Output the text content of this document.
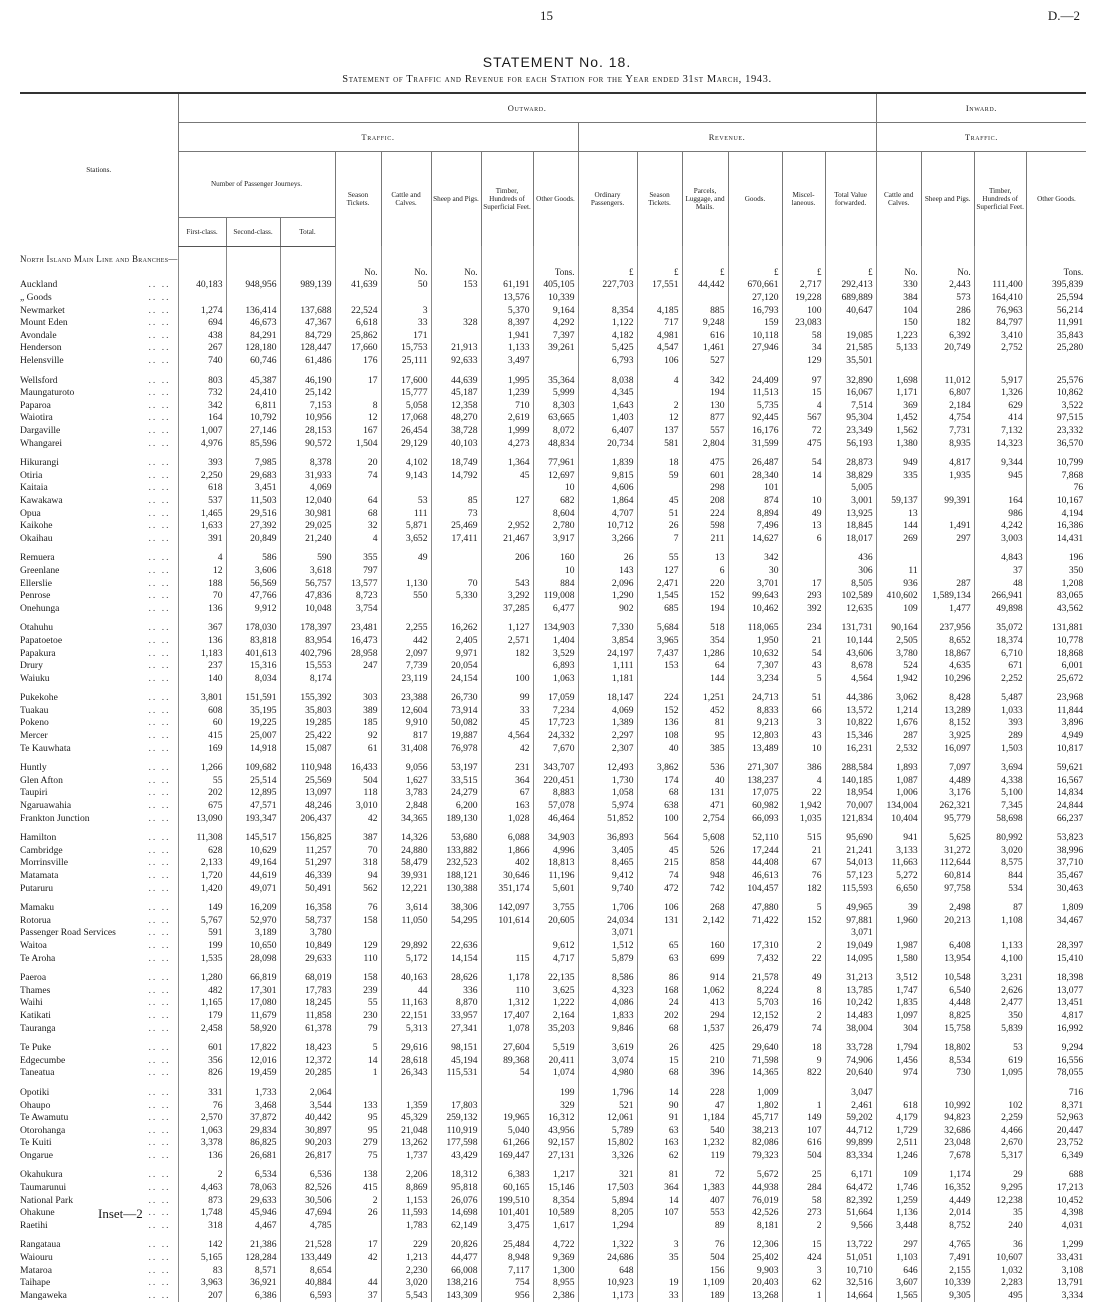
15	D.—2
STATEMENT No. 18.
Statement of Traffic and Revenue for each Station for the Year ended 31st March, 1943.
Stations.	Outward.														Inward.			
	Traffic.								Revenue.						Traffic.			
	Number of Passenger Journeys.			Season Tickets.	Cattle and Calves.	Sheep and Pigs.	Timber, Hundreds of Superficial Feet.	Other Goods.	Ordinary Passengers.	Season Tickets.	Parcels, Luggage, and Mails.	Goods.	Miscel-laneous.	Total Value forwarded.	Cattle and Calves.	Sheep and Pigs.	Timber, Hundreds of Superficial Feet.	Other Goods.
	First-class.	Second-class.	Total.															

North Island Main Line and Branches—																		
				No.	No.	No.		Tons.	£	£	£	£	£	£	No.	No.		Tons.
Auckland .. ..	40,183	948,956	989,139	41,639	50	153	61,191	405,105	227,703	17,551	44,442	670,661	2,717	292,413	330	2,443	111,400	395,839
„ Goods .. ..							13,576	10,339				27,120	19,228	689,889	384	573	164,410	25,594
Newmarket .. ..	1,274	136,414	137,688	22,524	3		5,370	9,164	8,354	4,185	885	16,793	100	40,647	104	286	76,963	56,214
Mount Eden .. ..	694	46,673	47,367	6,618	33	328	8,397	4,292	1,122	717	9,248	159	23,083		150	182	84,797	11,991
Avondale .. ..	438	84,291	84,729	25,862	171		1,941	7,397	4,182	4,981	616	10,118	58	19,085	1,223	6,392	3,410	35,843
Henderson .. ..	267	128,180	128,447	17,660	15,753	21,913	1,133	39,261	5,425	4,547	1,461	27,946	34	21,585	5,133	20,749	2,752	25,280
Helensville .. ..	740	60,746	61,486	176	25,111	92,633	3,497		6,793	106	527		129	35,501				

Wellsford .. ..	803	45,387	46,190	17	17,600	44,639	1,995	35,364	8,038	4	342	24,409	97	32,890	1,698	11,012	5,917	25,576
Maungaturoto .. ..	732	24,410	25,142		15,777	45,187	1,239	5,999	4,345		194	11,513	15	16,067	1,171	6,807	1,326	10,862
Paparoa .. ..	342	6,811	7,153	8	5,058	12,358	710	8,303	1,643	2	130	5,735	4	7,514	369	2,184	629	3,522
Waiotira .. ..	164	10,792	10,956	12	17,068	48,270	2,619	63,665	1,403	12	877	92,445	567	95,304	1,452	4,754	414	97,515
Dargaville .. ..	1,007	27,146	28,153	167	26,454	38,728	1,999	8,072	6,407	137	557	16,176	72	23,349	1,562	7,731	7,132	23,332
Whangarei .. ..	4,976	85,596	90,572	1,504	29,129	40,103	4,273	48,834	20,734	581	2,804	31,599	475	56,193	1,380	8,935	14,323	36,570

Hikurangi .. ..	393	7,985	8,378	20	4,102	18,749	1,364	77,961	1,839	18	475	26,487	54	28,873	949	4,817	9,344	10,799
Otiria .. ..	2,250	29,683	31,933	74	9,143	14,792	45	12,697	9,815	59	601	28,340	14	38,829	335	1,935	945	7,868
Kaitaia .. ..	618	3,451	4,069					10	4,606		298	101		5,005				76
Kawakawa .. ..	537	11,503	12,040	64	53	85	127	682	1,864	45	208	874	10	3,001	59,137	99,391	164	10,167
Opua .. ..	1,465	29,516	30,981	68	111	73		8,604	4,707	51	224	8,894	49	13,925	13		986	4,194
Kaikohe .. ..	1,633	27,392	29,025	32	5,871	25,469	2,952	2,780	10,712	26	598	7,496	13	18,845	144	1,491	4,242	16,386
Okaihau .. ..	391	20,849	21,240	4	3,652	17,411	21,467	3,917	3,266	7	211	14,627	6	18,017	269	297	3,003	14,431

Remuera .. ..	4	586	590	355	49		206	160	26	55	13	342		436			4,843	196
Greenlane .. ..	12	3,606	3,618	797				10	143	127	6	30		306	11		37	350
Ellerslie .. ..	188	56,569	56,757	13,577	1,130	70	543	884	2,096	2,471	220	3,701	17	8,505	936	287	48	1,208
Penrose .. ..	70	47,766	47,836	8,723	550	5,330	3,292	119,008	1,290	1,545	152	99,643	293	102,589	410,602	1,589,134	266,941	83,065
Onehunga .. ..	136	9,912	10,048	3,754			37,285	6,477	902	685	194	10,462	392	12,635	109	1,477	49,898	43,562

Otahuhu .. ..	367	178,030	178,397	23,481	2,255	16,262	1,127	134,903	7,330	5,684	518	118,065	234	131,731	90,164	237,956	35,072	131,881
Papatoetoe .. ..	136	83,818	83,954	16,473	442	2,405	2,571	1,404	3,854	3,965	354	1,950	21	10,144	2,505	8,652	18,374	10,778
Papakura .. ..	1,183	401,613	402,796	28,958	2,097	9,971	182	3,529	24,197	7,437	1,286	10,632	54	43,606	3,780	18,867	6,710	18,868
Drury .. ..	237	15,316	15,553	247	7,739	20,054		6,893	1,111	153	64	7,307	43	8,678	524	4,635	671	6,001
Waiuku .. ..	140	8,034	8,174		23,119	24,154	100	1,063	1,181		144	3,234	5	4,564	1,942	10,296	2,252	25,672

Pukekohe .. ..	3,801	151,591	155,392	303	23,388	26,730	99	17,059	18,147	224	1,251	24,713	51	44,386	3,062	8,428	5,487	23,968
Tuakau .. ..	608	35,195	35,803	389	12,604	73,914	33	7,234	4,069	152	452	8,833	66	13,572	1,214	13,289	1,033	11,844
Pokeno .. ..	60	19,225	19,285	185	9,910	50,082	45	17,723	1,389	136	81	9,213	3	10,822	1,676	8,152	393	3,896
Mercer .. ..	415	25,007	25,422	92	817	19,887	4,564	24,332	2,297	108	95	12,803	43	15,346	287	3,925	289	4,949
Te Kauwhata .. ..	169	14,918	15,087	61	31,408	76,978	42	7,670	2,307	40	385	13,489	10	16,231	2,532	16,097	1,503	10,817

Huntly .. ..	1,266	109,682	110,948	16,433	9,056	53,197	231	343,707	12,493	3,862	536	271,307	386	288,584	1,893	7,097	3,694	59,621
Glen Afton .. ..	55	25,514	25,569	504	1,627	33,515	364	220,451	1,730	174	40	138,237	4	140,185	1,087	4,489	4,338	16,567
Taupiri .. ..	202	12,895	13,097	118	3,783	24,279	67	8,883	1,058	68	131	17,075	22	18,954	1,006	3,176	5,100	14,834
Ngaruawahia .. ..	675	47,571	48,246	3,010	2,848	6,200	163	57,078	5,974	638	471	60,982	1,942	70,007	134,004	262,321	7,345	24,844
Frankton Junction .. ..	13,090	193,347	206,437	42	34,365	189,130	1,028	46,464	51,852	100	2,754	66,093	1,035	121,834	10,404	95,779	58,698	66,237

Hamilton .. ..	11,308	145,517	156,825	387	14,326	53,680	6,088	34,903	36,893	564	5,608	52,110	515	95,690	941	5,625	80,992	53,823
Cambridge .. ..	628	10,629	11,257	70	24,880	133,882	1,866	4,996	3,405	45	526	17,244	21	21,241	3,133	31,272	3,020	38,996
Morrinsville .. ..	2,133	49,164	51,297	318	58,479	232,523	402	18,813	8,465	215	858	44,408	67	54,013	11,663	112,644	8,575	37,710
Matamata .. ..	1,720	44,619	46,339	94	39,931	188,121	30,646	11,196	9,412	74	948	46,613	76	57,123	5,272	60,814	844	35,467
Putaruru .. ..	1,420	49,071	50,491	562	12,221	130,388	351,174	5,601	9,740	472	742	104,457	182	115,593	6,650	97,758	534	30,463

Mamaku .. ..	149	16,209	16,358	76	3,614	38,306	142,097	3,755	1,706	106	268	47,880	5	49,965	39	2,498	87	1,809
Rotorua .. ..	5,767	52,970	58,737	158	11,050	54,295	101,614	20,605	24,034	131	2,142	71,422	152	97,881	1,960	20,213	1,108	34,467
Passenger Road Services .. ..	591	3,189	3,780						3,071					3,071				
Waitoa .. ..	199	10,650	10,849	129	29,892	22,636		9,612	1,512	65	160	17,310	2	19,049	1,987	6,408	1,133	28,397
Te Aroha .. ..	1,535	28,098	29,633	110	5,172	14,154	115	4,717	5,879	63	699	7,432	22	14,095	1,580	13,954	4,100	15,410

Paeroa .. ..	1,280	66,819	68,019	158	40,163	28,626	1,178	22,135	8,586	86	914	21,578	49	31,213	3,512	10,548	3,231	18,398
Thames .. ..	482	17,301	17,783	239	44	336	110	3,625	4,323	168	1,062	8,224	8	13,785	1,747	6,540	2,626	13,077
Waihi .. ..	1,165	17,080	18,245	55	11,163	8,870	1,312	1,222	4,086	24	413	5,703	16	10,242	1,835	4,448	2,477	13,451
Katikati .. ..	179	11,679	11,858	230	22,151	33,957	17,407	2,164	1,833	202	294	12,152	2	14,483	1,097	8,825	350	4,817
Tauranga .. ..	2,458	58,920	61,378	79	5,313	27,341	1,078	35,203	9,846	68	1,537	26,479	74	38,004	304	15,758	5,839	16,992

Te Puke .. ..	601	17,822	18,423	5	29,616	98,151	27,604	5,519	3,619	26	425	29,640	18	33,728	1,794	18,802	53	9,294
Edgecumbe .. ..	356	12,016	12,372	14	28,618	45,194	89,368	20,411	3,074	15	210	71,598	9	74,906	1,456	8,534	619	16,556
Taneatua .. ..	826	19,459	20,285	1	26,343	115,531	54	1,074	4,980	68	396	14,365	822	20,640	974	730	1,095	78,055

Opotiki .. ..	331	1,733	2,064					199	1,796	14	228	1,009		3,047				716
Ohaupo .. ..	76	3,468	3,544	133	1,359	17,803		329	521	90	47	1,802	1	2,461	618	10,992	102	8,371
Te Awamutu .. ..	2,570	37,872	40,442	95	45,329	259,132	19,965	16,312	12,061	91	1,184	45,717	149	59,202	4,179	94,823	2,259	52,963
Otorohanga .. ..	1,063	29,834	30,897	95	21,048	110,919	5,040	43,956	5,789	63	540	38,213	107	44,712	1,729	32,686	4,466	20,447
Te Kuiti .. ..	3,378	86,825	90,203	279	13,262	177,598	61,266	92,157	15,802	163	1,232	82,086	616	99,899	2,511	23,048	2,670	23,752
Ongarue .. ..	136	26,681	26,817	75	1,737	43,429	169,447	27,131	3,326	62	119	79,323	504	83,334	1,246	7,678	5,317	6,349

Okahukura .. ..	2	6,534	6,536	138	2,206	18,312	6,383	1,217	321	81	72	5,672	25	6,171	109	1,174	29	688
Taumarunui .. ..	4,463	78,063	82,526	415	8,869	95,818	60,165	15,146	17,503	364	1,383	44,938	284	64,472	1,746	16,352	9,295	17,213
National Park .. ..	873	29,633	30,506	2	1,153	26,076	199,510	8,354	5,894	14	407	76,019	58	82,392	1,259	4,449	12,238	10,452
Ohakune .. ..	1,748	45,946	47,694	26	11,593	14,698	101,401	10,589	8,205	107	553	42,526	273	51,664	1,136	2,014	35	4,398
Raetihi .. ..	318	4,467	4,785		1,783	62,149	3,475	1,617	1,294		89	8,181	2	9,566	3,448	8,752	240	4,031

Rangataua .. ..	142	21,386	21,528	17	229	20,826	25,484	4,722	1,322	3	76	12,306	15	13,722	297	4,765	36	1,299
Waiouru .. ..	5,165	128,284	133,449	42	1,213	44,477	8,948	9,369	24,686	35	504	25,402	424	51,051	1,103	7,491	10,607	33,431
Mataroa .. ..	83	8,571	8,654		2,230	66,008	7,117	1,300	648		156	9,903	3	10,710	646	2,155	1,032	3,108
Taihape .. ..	3,963	36,921	40,884	44	3,020	138,216	754	8,955	10,923	19	1,109	20,403	62	32,516	3,607	10,339	2,283	13,791
Mangaweka .. ..	207	6,386	6,593	37	5,543	143,309	956	2,386	1,173	33	189	13,268	1	14,664	1,565	9,305	495	3,334
Inset—2
